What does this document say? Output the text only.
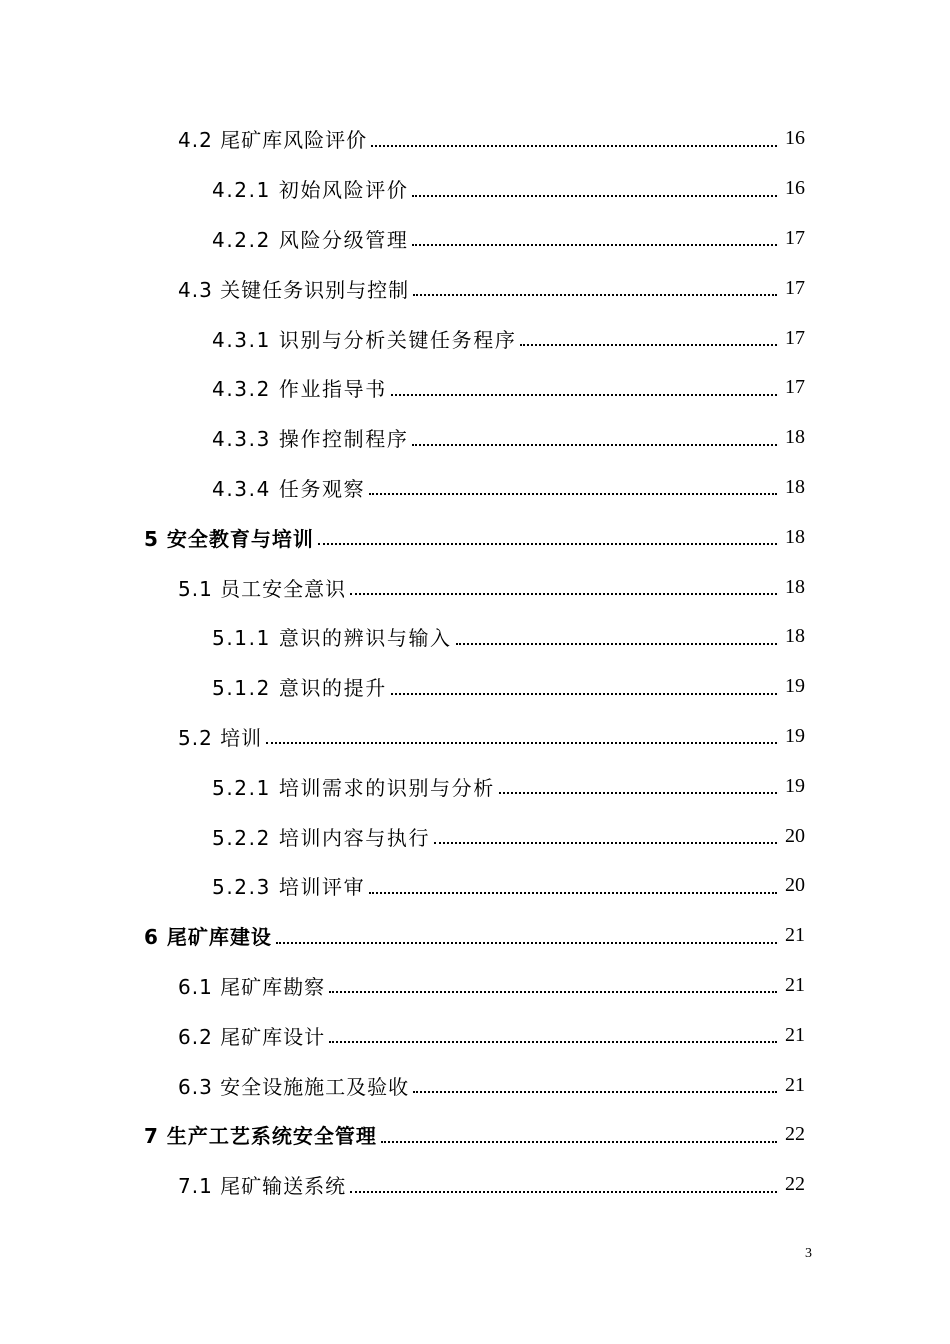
4.2 尾矿库风险评价	16
4.2.1 初始风险评价	16
4.2.2 风险分级管理	17
4.3 关键任务识别与控制	17
4.3.1 识别与分析关键任务程序	17
4.3.2 作业指导书	17
4.3.3 操作控制程序	18
4.3.4 任务观察	18
5 安全教育与培训	18
5.1 员工安全意识	18
5.1.1 意识的辨识与输入	18
5.1.2 意识的提升	19
5.2 培训	19
5.2.1 培训需求的识别与分析	19
5.2.2 培训内容与执行	20
5.2.3 培训评审	20
6 尾矿库建设	21
6.1 尾矿库勘察	21
6.2 尾矿库设计	21
6.3 安全设施施工及验收	21
7 生产工艺系统安全管理	22
7.1 尾矿输送系统	22
3
